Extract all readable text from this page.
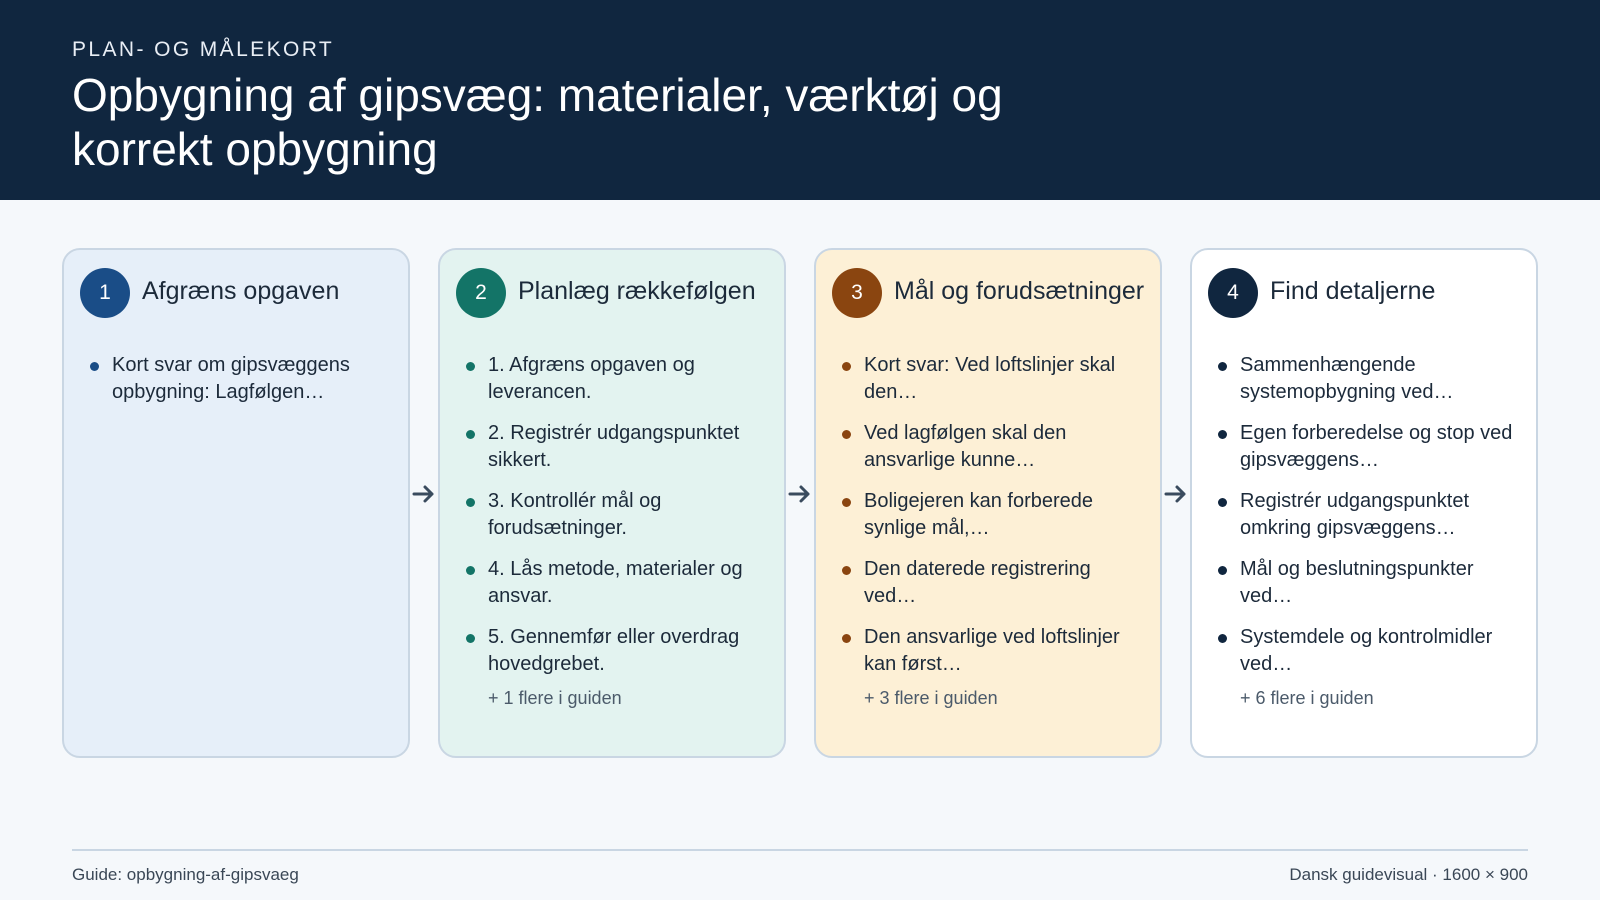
PLAN- OG MÅLEKORT
Opbygning af gipsvæg: materialer, værktøj og korrekt opbygning
1	Afgræns opgaven
Kort svar om gipsvæggens opbygning: Lagfølgen…
2	Planlæg rækkefølgen
1. Afgræns opgaven og leverancen.
2. Registrér udgangspunktet sikkert.
3. Kontrollér mål og forudsætninger.
4. Lås metode, materialer og ansvar.
5. Gennemfør eller overdrag hovedgrebet.
+ 1 flere i guiden
3	Mål og forudsætninger
Kort svar: Ved loftslinjer skal den…
Ved lagfølgen skal den ansvarlige kunne…
Boligejeren kan forberede synlige mål,…
Den daterede registrering ved…
Den ansvarlige ved loftslinjer kan først…
+ 3 flere i guiden
4	Find detaljerne
Sammenhængende systemopbygning ved…
Egen forberedelse og stop ved gipsvæggens…
Registrér udgangspunktet omkring gipsvæggens…
Mål og beslutningspunkter ved…
Systemdele og kontrolmidler ved…
+ 6 flere i guiden
Guide: opbygning-af-gipsvaeg	Dansk guidevisual · 1600 × 900
